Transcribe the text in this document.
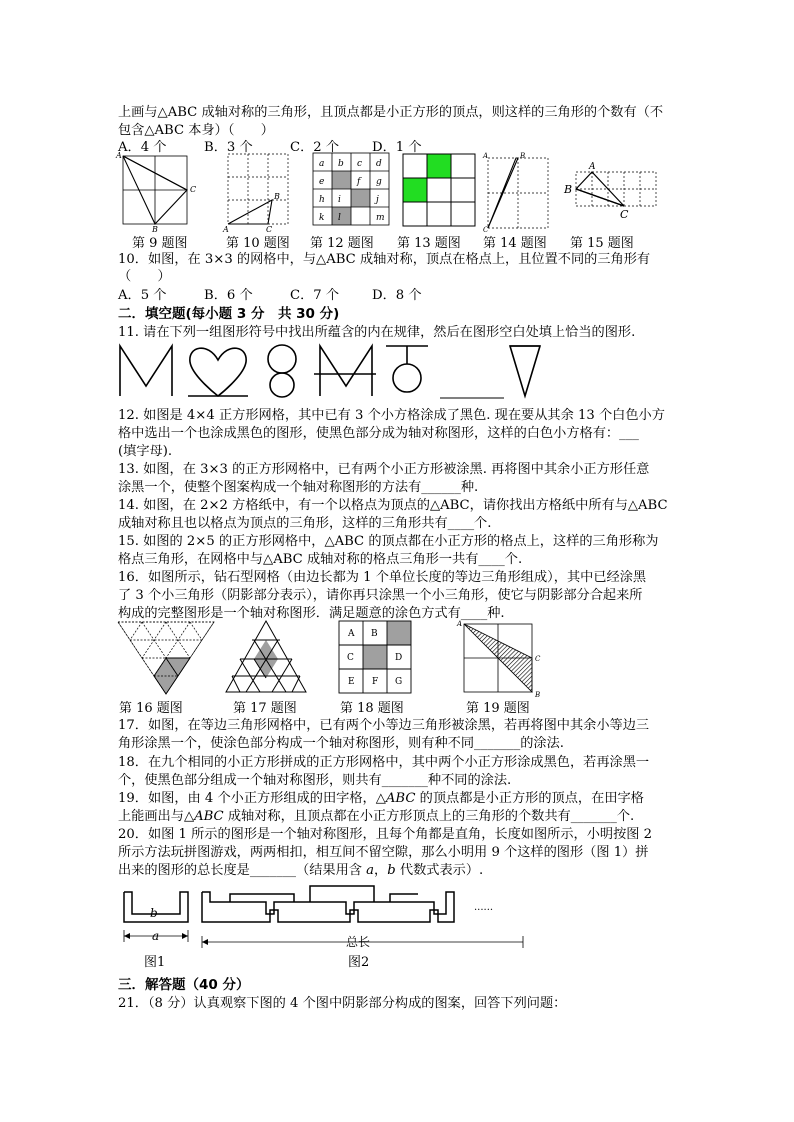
上画与△ABC 成轴对称的三角形，且顶点都是小正方形的顶点，则这样的三角形的个数有（不
包含△ABC 本身）（　　）
A．4 个	B．3 个	C．2 个 D．1 个
A
C
B
B
A	C
a b c d
e	f g
h i	j
k l	m
A	B
C
A
B
C
第 9 题图	第 10 题图 第 12 题图 第 13 题图 第 14 题图 第 15 题图
10．如图，在 3×3 的网格中，与△ABC 成轴对称，顶点在格点上，且位置不同的三角形有
（　　）
A．5 个	B．6 个	C．7 个 D．8 个
二．填空题(每小题 3 分　共 30 分)
11. 请在下列一组图形符号中找出所蕴含的内在规律，然后在图形空白处填上恰当的图形.
12. 如图是 4×4 正方形网格，其中已有 3 个小方格涂成了黑色. 现在要从其余 13 个白色小方
格中选出一个也涂成黑色的图形，使黑色部分成为轴对称图形，这样的白色小方格有：___
(填字母).
13. 如图，在 3×3 的正方形网格中，已有两个小正方形被涂黑. 再将图中其余小正方形任意
涂黑一个，使整个图案构成一个轴对称图形的方法有______种.
14. 如图，在 2×2 方格纸中，有一个以格点为顶点的△ABC，请你找出方格纸中所有与△ABC
成轴对称且也以格点为顶点的三角形，这样的三角形共有____个.
15. 如图的 2×5 的正方形网格中，△ABC 的顶点都在小正方形的格点上，这样的三角形称为
格点三角形，在网格中与△ABC 成轴对称的格点三角形一共有____个.
16．如图所示，钻石型网格（由边长都为 1 个单位长度的等边三角形组成），其中已经涂黑
了 3 个小三角形（阴影部分表示），请你再只涂黑一个小三角形，使它与阴影部分合起来所
构成的完整图形是一个轴对称图形．满足题意的涂色方式有____种.
A B
C	D
E F G
A
C
B
第 16 题图	第 17 题图	第 18 题图	第 19 题图
17．如图，在等边三角形网格中，已有两个小等边三角形被涂黑，若再将图中其余小等边三
角形涂黑一个，使涂色部分构成一个轴对称图形，则有种不同_______的涂法.
18．在九个相同的小正方形拼成的正方形网格中，其中两个小正方形涂成黑色，若再涂黑一
个，使黑色部分组成一个轴对称图形，则共有_______种不同的涂法.
19．如图，由 4 个小正方形组成的田字格，△ABC 的顶点都是小正方形的顶点，在田字格
上能画出与△ABC 成轴对称，且顶点都在小正方形顶点上的三角形的个数共有_______个.
20．如图 1 所示的图形是一个轴对称图形，且每个角都是直角，长度如图所示，小明按图 2
所示方法玩拼图游戏，两两相扣，相互间不留空隙，那么小明用 9 个这样的图形（图 1）拼
出来的图形的总长度是_______（结果用含 a，b 代数式表示）.
b
a	总长
......
图1	图2
三．解答题（40 分）
21．（8 分）认真观察下图的 4 个图中阴影部分构成的图案，回答下列问题：
